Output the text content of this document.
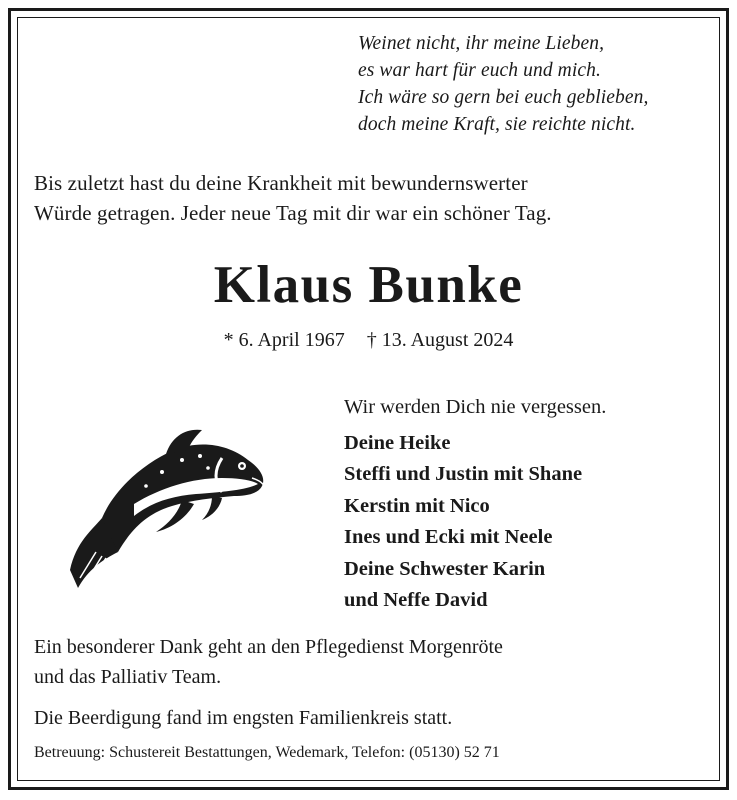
Weinet nicht, ihr meine Lieben,
es war hart für euch und mich.
Ich wäre so gern bei euch geblieben,
doch meine Kraft, sie reichte nicht.
Bis zuletzt hast du deine Krankheit mit bewundernswerter
Würde getragen. Jeder neue Tag mit dir war ein schöner Tag.
Klaus Bunke
* 6. April 1967 † 13. August 2024
Wir werden Dich nie vergessen.
Deine Heike
Steffi und Justin mit Shane
Kerstin mit Nico
Ines und Ecki mit Neele
Deine Schwester Karin
und Neffe David
Ein besonderer Dank geht an den Pflegedienst Morgenröte
und das Palliativ Team.
Die Beerdigung fand im engsten Familienkreis statt.
Betreuung: Schustereit Bestattungen, Wedemark, Telefon: (05130) 52 71
